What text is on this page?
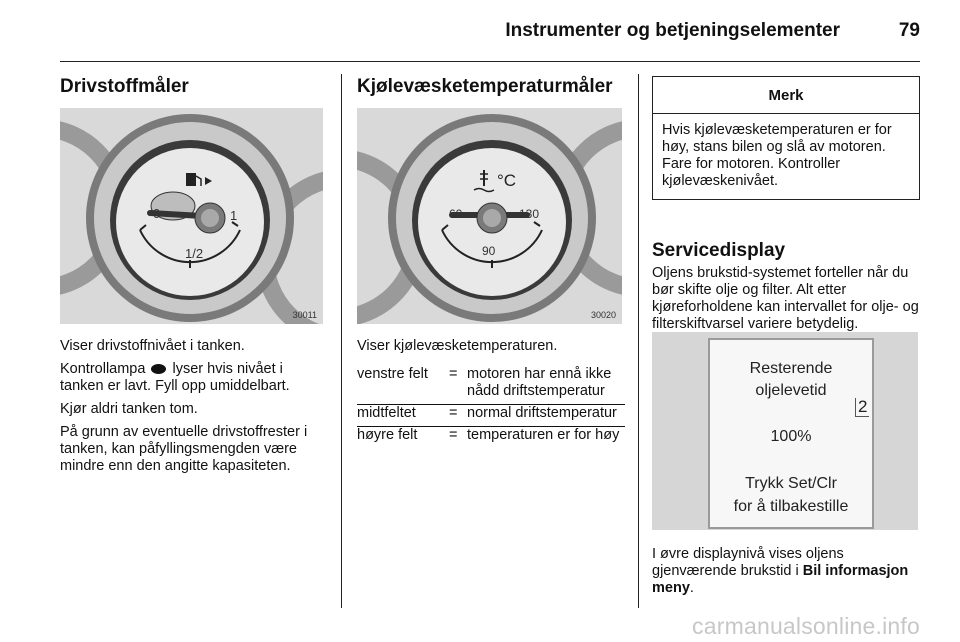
Instrumenter og betjeningselementer	79
Drivstoffmåler
0	1
1/2
30011

Viser drivstoffnivået i tanken.

Kontrollampa lyser hvis nivået i tanken er lavt. Fyll opp umiddelbart.

Kjør aldri tanken tom.

På grunn av eventuelle drivstoffrester i tanken, kan påfyllingsmengden være mindre enn den angitte kapasiteten.

Kjølevæsketemperaturmåler
°C
60
90
130
30020

Viser kjølevæsketemperaturen.

venstre felt	=	motoren har ennå ikke nådd driftstemperatur
midtfeltet	=	normal driftstemperatur
høyre felt	=	temperaturen er for høy
Merk
Hvis kjølevæsketemperaturen er for høy, stans bilen og slå av motoren. Fare for motoren. Kontroller kjølevæskenivået.
Servicedisplay

Oljens brukstid-systemet forteller når du bør skifte olje og filter. Alt etter kjøreforholdene kan intervallet for olje- og filterskiftvarsel variere betydelig.

Resterende
oljelevetid
100%
Trykk Set/Clr
for å tilbakestille
2

I øvre displaynivå vises oljens gjenværende brukstid i Bil informasjon meny.

carmanualsonline.info
